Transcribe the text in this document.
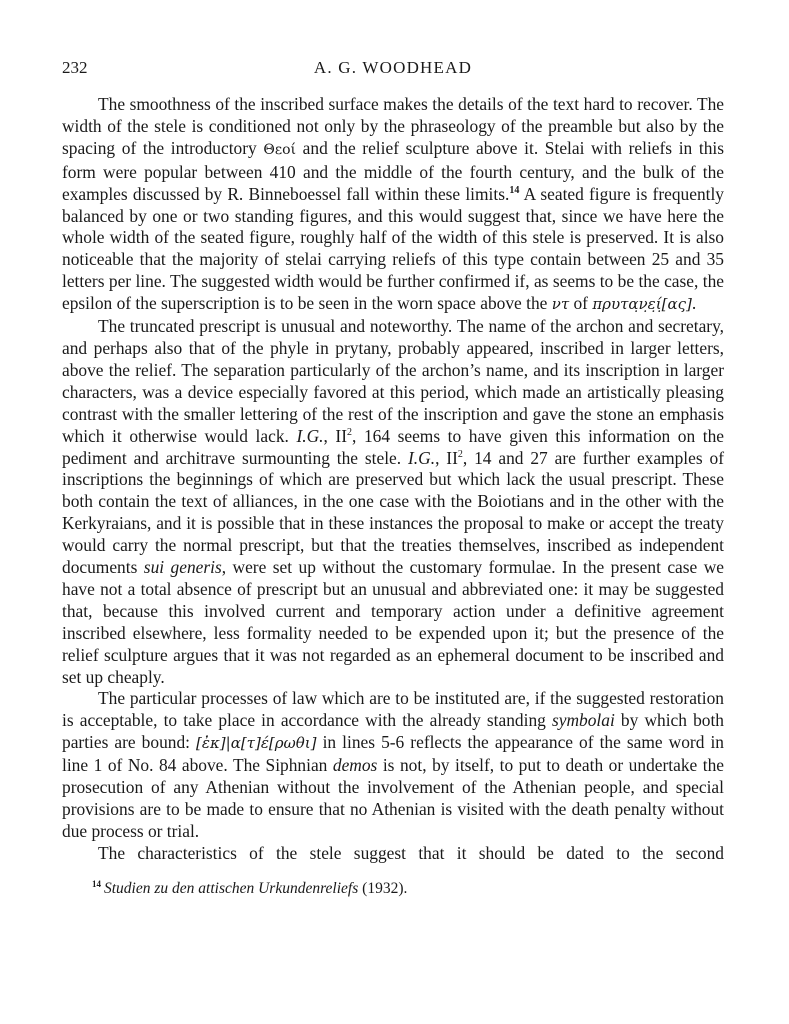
232	A. G. WOODHEAD

The smoothness of the inscribed surface makes the details of the text hard to recover. The width of the stele is conditioned not only by the phraseology of the preamble but also by the spacing of the introductory Θεοί and the relief sculpture above it. Stelai with reliefs in this form were popular between 410 and the middle of the fourth century, and the bulk of the examples discussed by R. Binneboessel fall within these limits.$^{14}$ A seated figure is frequently balanced by one or two standing figures, and this would suggest that, since we have here the whole width of the seated figure, roughly half of the width of this stele is preserved. It is also noticeable that the majority of stelai carrying reliefs of this type contain between 25 and 35 letters per line. The suggested width would be further confirmed if, as seems to be the case, the epsilon of the superscription is to be seen in the worn space above the ντ of πρυτα̣ν̣ε̣ί̣[ας].

The truncated prescript is unusual and noteworthy. The name of the archon and secretary, and perhaps also that of the phyle in prytany, probably appeared, inscribed in larger letters, above the relief. The separation particularly of the archon’s name, and its inscription in larger characters, was a device especially favored at this period, which made an artistically pleasing contrast with the smaller lettering of the rest of the inscription and gave the stone an emphasis which it otherwise would lack. I.G., $II^2$, 164 seems to have given this information on the pediment and architrave surmounting the stele. I.G., $II^2$, 14 and 27 are further examples of inscriptions the beginnings of which are preserved but which lack the usual prescript. These both contain the text of alliances, in the one case with the Boiotians and in the other with the Kerkyraians, and it is possible that in these instances the proposal to make or accept the treaty would carry the normal prescript, but that the treaties themselves, inscribed as independent documents sui generis, were set up without the customary formulae. In the present case we have not a total absence of prescript but an unusual and abbreviated one: it may be suggested that, because this involved current and temporary action under a definitive agreement inscribed elsewhere, less formality needed to be expended upon it; but the presence of the relief sculpture argues that it was not regarded as an ephemeral document to be inscribed and set up cheaply.

The particular processes of law which are to be instituted are, if the suggested restoration is acceptable, to take place in accordance with the already standing symbolai by which both parties are bound: [ἐκ]|α[τ]έ[ρωθι] in lines 5-6 reflects the appearance of the same word in line 1 of No. 84 above. The Siphnian demos is not, by itself, to put to death or undertake the prosecution of any Athenian without the involvement of the Athenian people, and special provisions are to be made to ensure that no Athenian is visited with the death penalty without due process or trial.

The characteristics of the stele suggest that it should be dated to the second

$^{14}$ Studien zu den attischen Urkundenreliefs (1932).
